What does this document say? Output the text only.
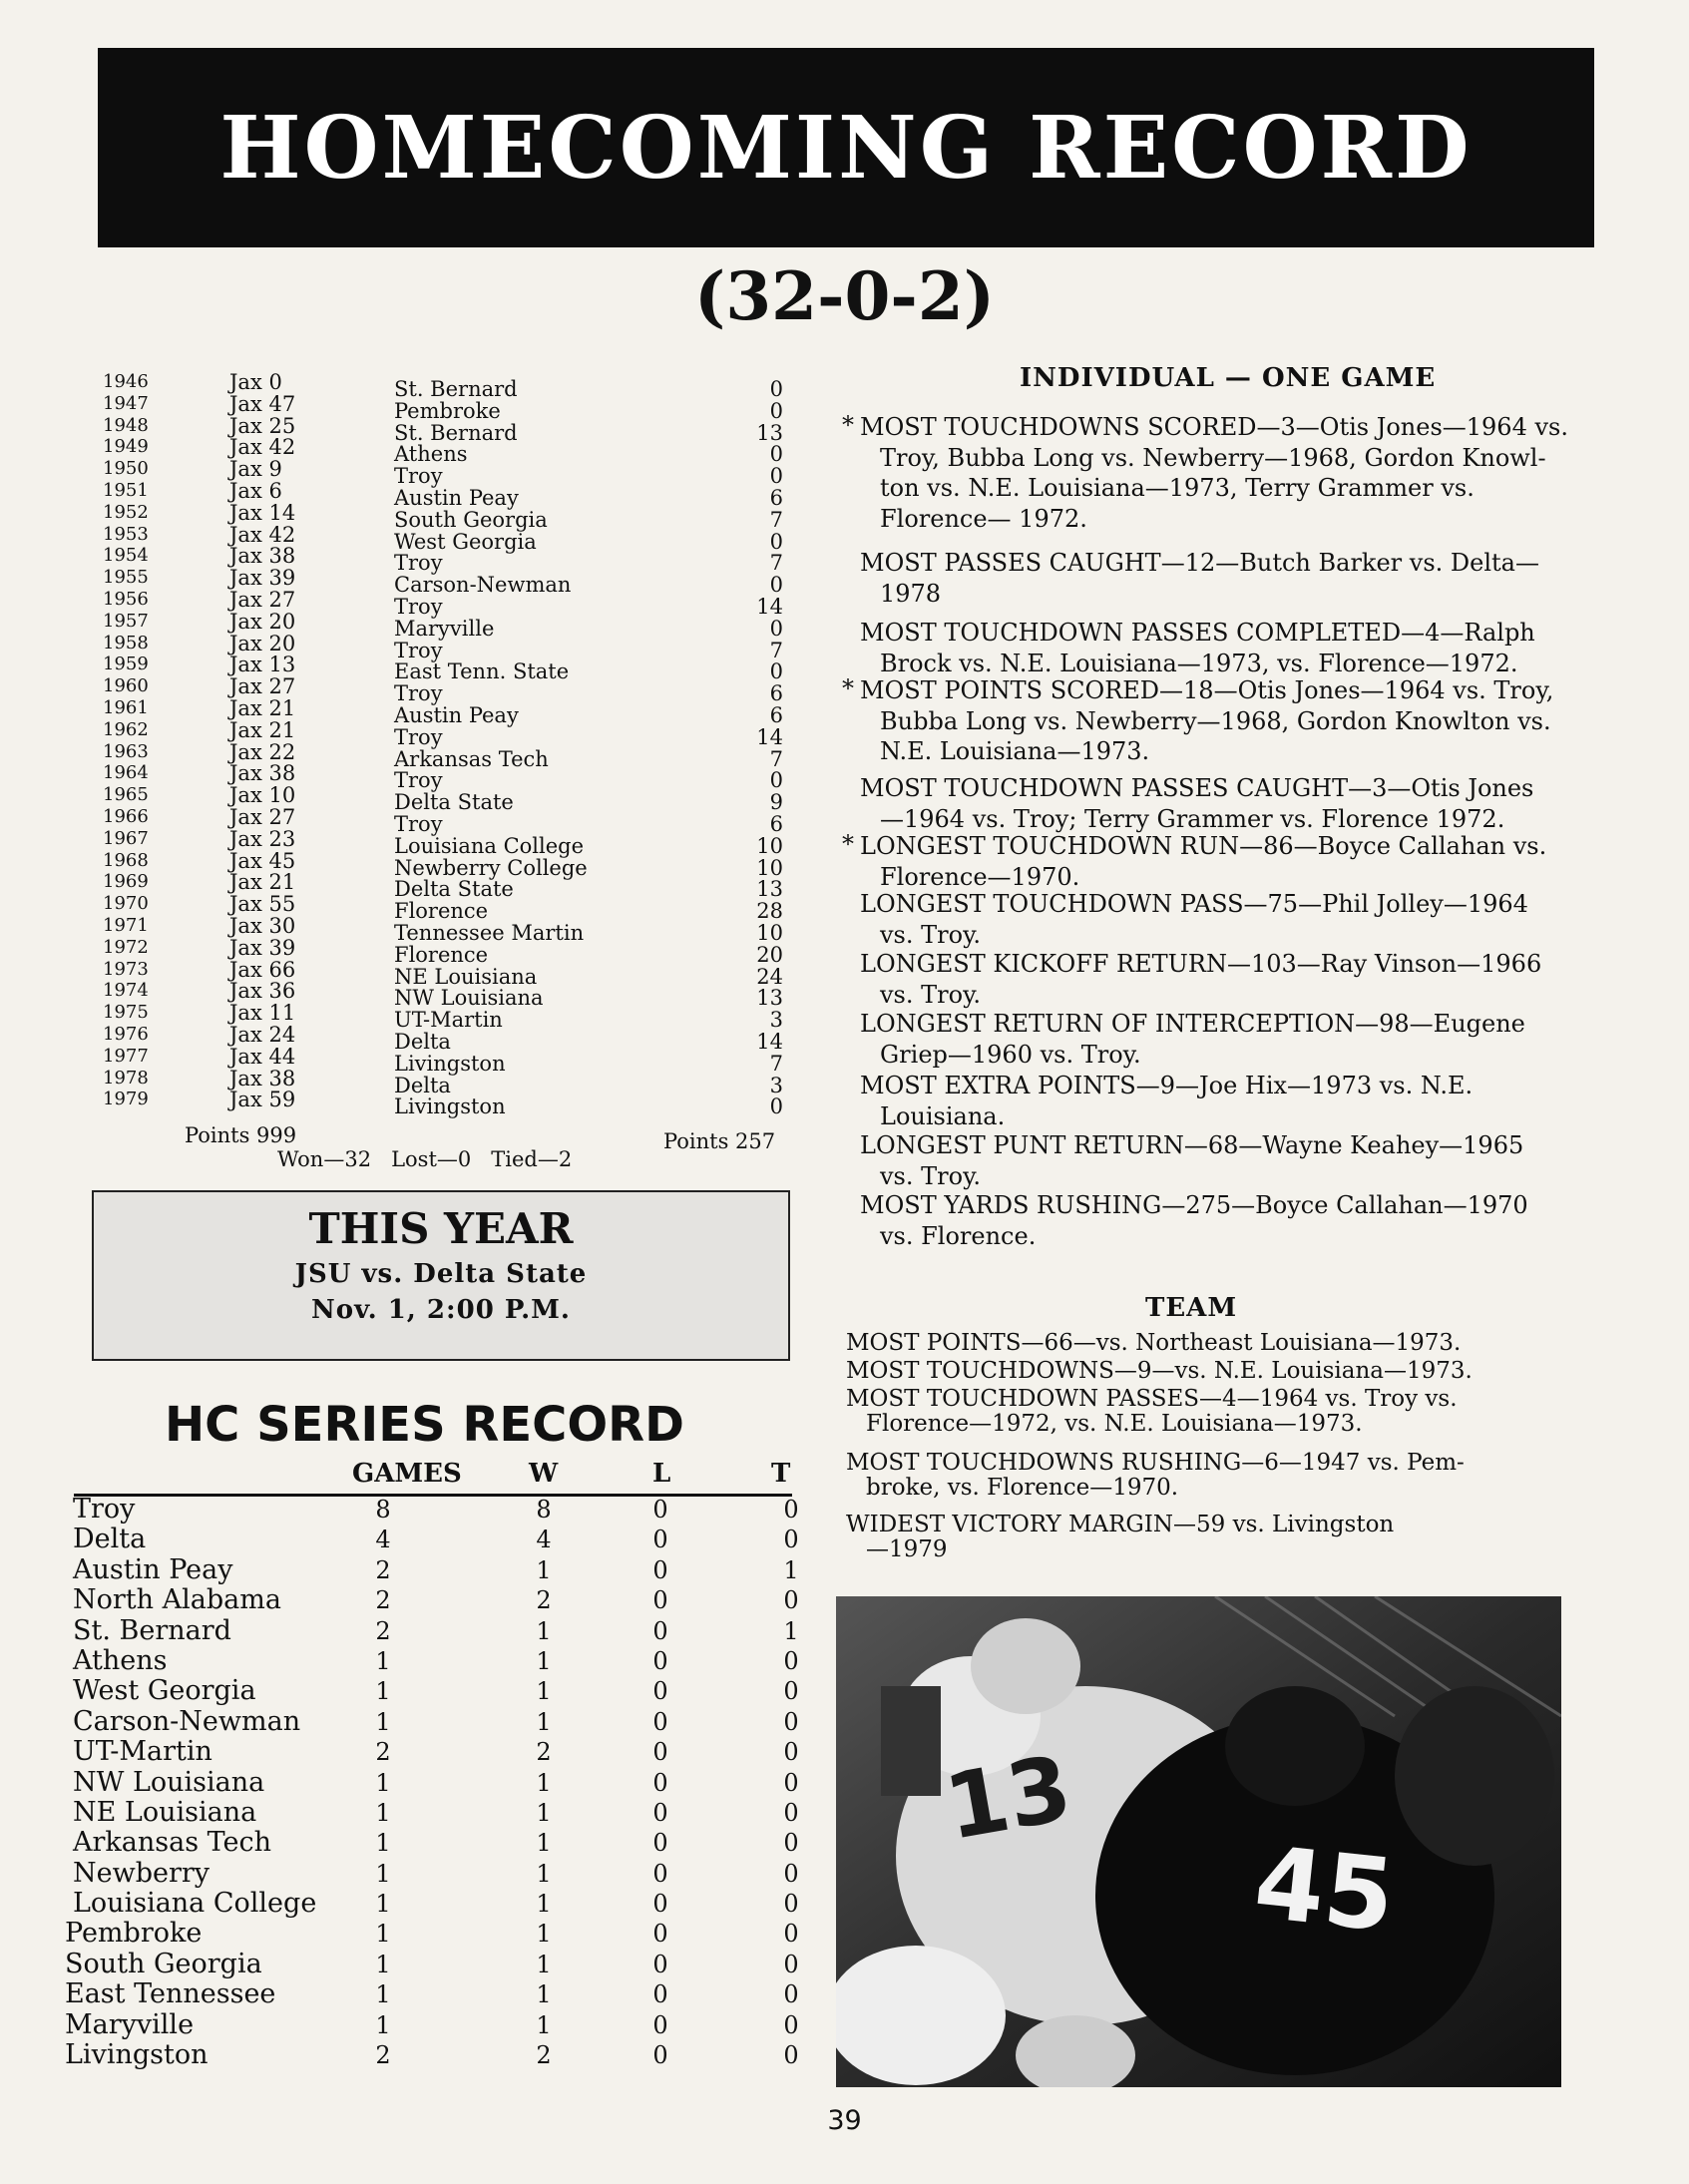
HOMECOMING RECORD
(32-0-2)
1946	Jax 0	St. Bernard	0
1947	Jax 47	Pembroke	0
1948	Jax 25	St. Bernard	13
1949	Jax 42	Athens	0
1950	Jax 9	Troy	0
1951	Jax 6	Austin Peay	6
1952	Jax 14	South Georgia	7
1953	Jax 42	West Georgia	0
1954	Jax 38	Troy	7
1955	Jax 39	Carson-Newman	0
1956	Jax 27	Troy	14
1957	Jax 20	Maryville	0
1958	Jax 20	Troy	7
1959	Jax 13	East Tenn. State	0
1960	Jax 27	Troy	6
1961	Jax 21	Austin Peay	6
1962	Jax 21	Troy	14
1963	Jax 22	Arkansas Tech	7
1964	Jax 38	Troy	0
1965	Jax 10	Delta State	9
1966	Jax 27	Troy	6
1967	Jax 23	Louisiana College	10
1968	Jax 45	Newberry College	10
1969	Jax 21	Delta State	13
1970	Jax 55	Florence	28
1971	Jax 30	Tennessee Martin	10
1972	Jax 39	Florence	20
1973	Jax 66	NE Louisiana	24
1974	Jax 36	NW Louisiana	13
1975	Jax 11	UT-Martin	3
1976	Jax 24	Delta	14
1977	Jax 44	Livingston	7
1978	Jax 38	Delta	3
1979	Jax 59	Livingston	0
Points 999	Points 257
Won—32   Lost—0   Tied—2
THIS YEAR
JSU vs. Delta State
Nov. 1, 2:00 P.M.
HC SERIES RECORD
GAMES	W	L	T
Troy	8	8	0	0
Delta	4	4	0	0
Austin Peay	2	1	0	1
North Alabama	2	2	0	0
St. Bernard	2	1	0	1
Athens	1	1	0	0
West Georgia	1	1	0	0
Carson-Newman	1	1	0	0
UT-Martin	2	2	0	0
NW Louisiana	1	1	0	0
NE Louisiana	1	1	0	0
Arkansas Tech	1	1	0	0
Newberry	1	1	0	0
Louisiana College	1	1	0	0
Pembroke	1	1	0	0
South Georgia	1	1	0	0
East Tennessee	1	1	0	0
Maryville	1	1	0	0
Livingston	2	2	0	0
INDIVIDUAL — ONE GAME
* MOST TOUCHDOWNS SCORED—3—Otis Jones—1964 vs.
Troy, Bubba Long vs. Newberry—1968, Gordon Knowl-
ton vs. N.E. Louisiana—1973, Terry Grammer vs.
Florence— 1972.
MOST PASSES CAUGHT—12—Butch Barker vs. Delta—
1978
MOST TOUCHDOWN PASSES COMPLETED—4—Ralph
Brock vs. N.E. Louisiana—1973, vs. Florence—1972.
* MOST POINTS SCORED—18—Otis Jones—1964 vs. Troy,
Bubba Long vs. Newberry—1968, Gordon Knowlton vs.
N.E. Louisiana—1973.
MOST TOUCHDOWN PASSES CAUGHT—3—Otis Jones
—1964 vs. Troy; Terry Grammer vs. Florence 1972.
* LONGEST TOUCHDOWN RUN—86—Boyce Callahan vs.
Florence—1970.
LONGEST TOUCHDOWN PASS—75—Phil Jolley—1964
vs. Troy.
LONGEST KICKOFF RETURN—103—Ray Vinson—1966
vs. Troy.
LONGEST RETURN OF INTERCEPTION—98—Eugene
Griep—1960 vs. Troy.
MOST EXTRA POINTS—9—Joe Hix—1973 vs. N.E.
Louisiana.
LONGEST PUNT RETURN—68—Wayne Keahey—1965
vs. Troy.
MOST YARDS RUSHING—275—Boyce Callahan—1970
vs. Florence.
TEAM
MOST POINTS—66—vs. Northeast Louisiana—1973.
MOST TOUCHDOWNS—9—vs. N.E. Louisiana—1973.
MOST TOUCHDOWN PASSES—4—1964 vs. Troy vs.
Florence—1972, vs. N.E. Louisiana—1973.
MOST TOUCHDOWNS RUSHING—6—1947 vs. Pem-
broke, vs. Florence—1970.
WIDEST VICTORY MARGIN—59 vs. Livingston
—1979
13
45
39
